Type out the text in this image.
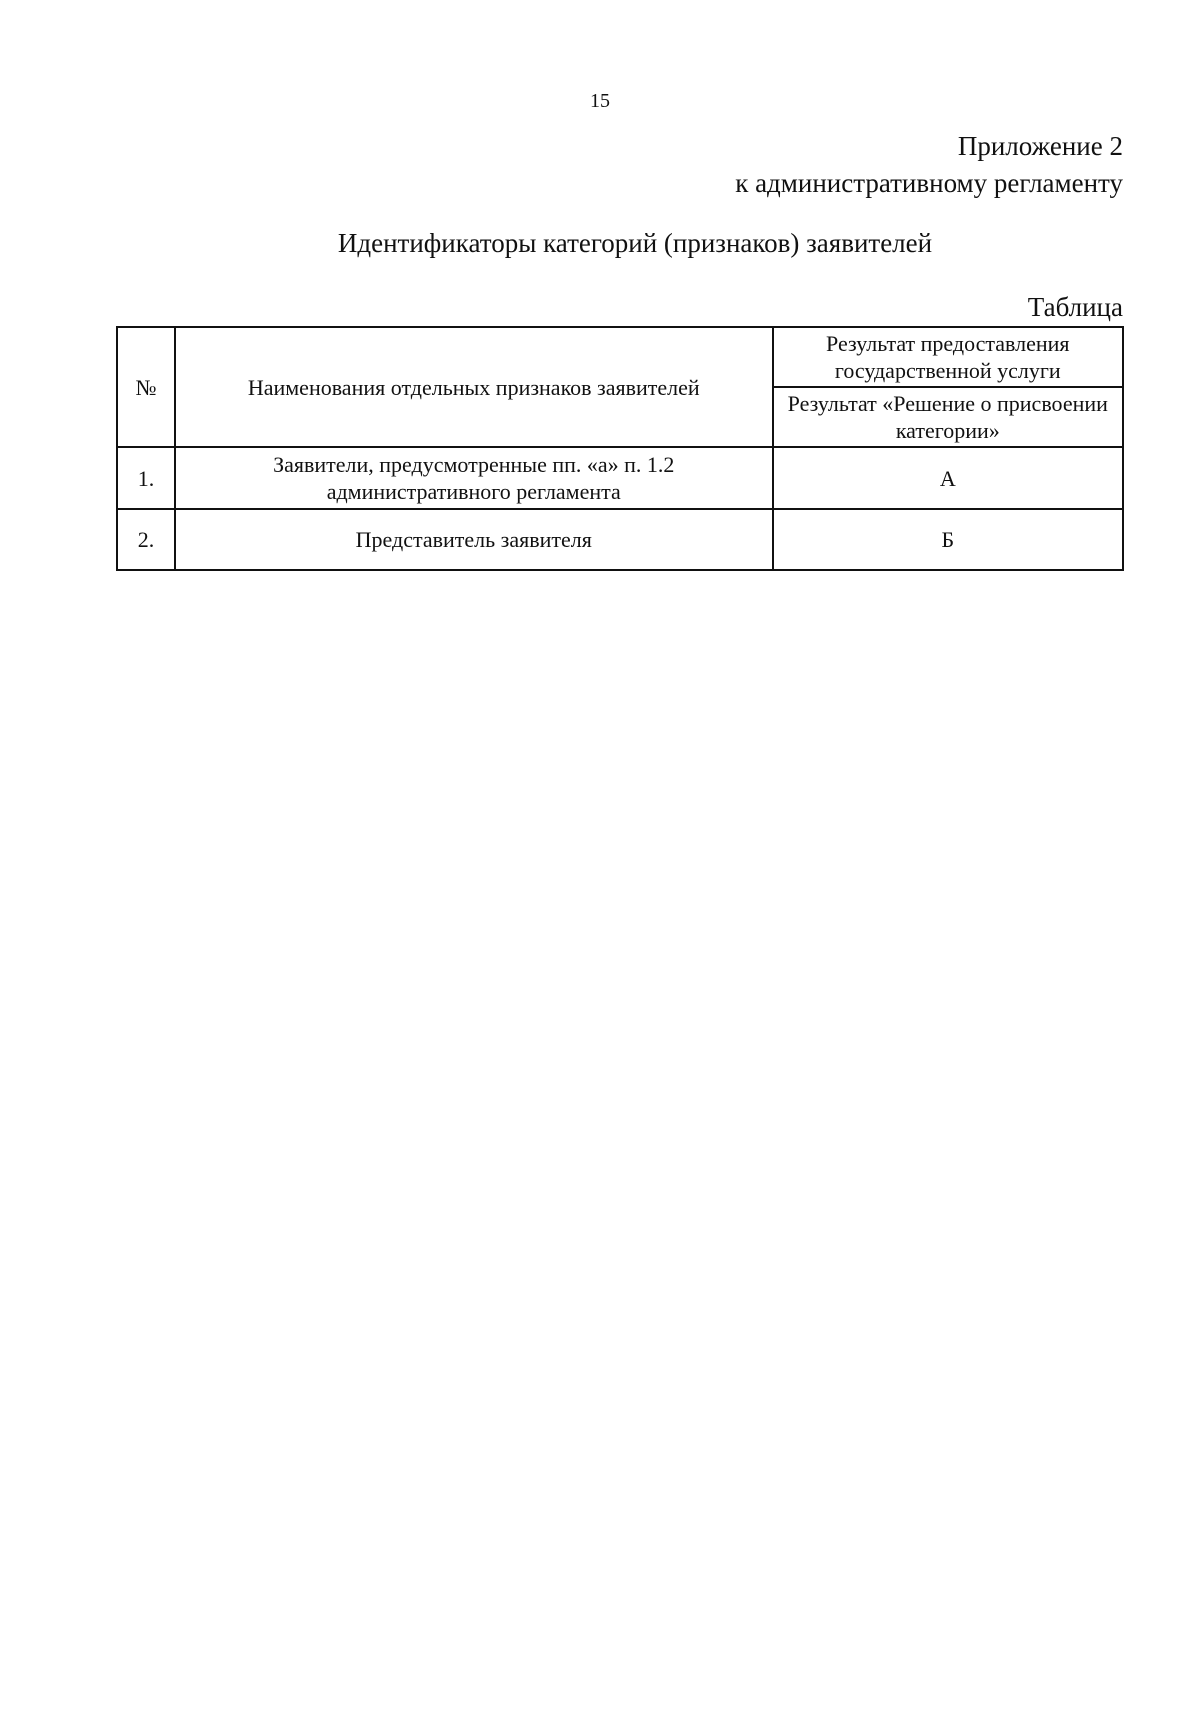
15
Приложение 2
к административному регламенту
Идентификаторы категорий (признаков) заявителей
Таблица
№	Наименования отдельных признаков заявителей	Результат предоставления государственной услуги
		Результат «Решение о присвоении категории»
1.	Заявители, предусмотренные пп. «а» п. 1.2 административного регламента	А
2.	Представитель заявителя	Б
